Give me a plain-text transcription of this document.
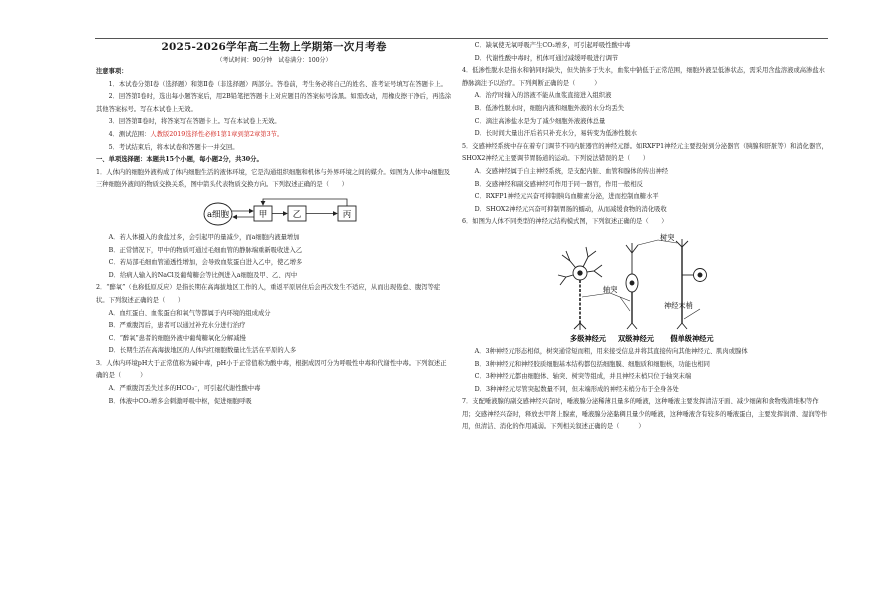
2025-2026学年高二生物上学期第一次月考卷

（考试时间：90分钟　试卷满分：100分）

注意事项：

1．本试卷分第Ⅰ卷（选择题）和第Ⅱ卷（非选择题）两部分。答卷前，考生务必将自己的姓名、准考证号填写在答题卡上。

2．回答第Ⅰ卷时，选出每小题答案后，用2B铅笔把答题卡上对应题目的答案标号涂黑。如需改动，用橡皮擦干净后，再选涂其他答案标号。写在本试卷上无效。

3．回答第Ⅱ卷时，将答案写在答题卡上。写在本试卷上无效。

4．测试范围：人教版2019选择性必修1第1章到第2章第3节。

5．考试结束后，将本试卷和答题卡一并交回。

一、单项选择题：本题共15个小题，每小题2分，共30分。

1．人体内的细胞外液构成了体内细胞生活的液体环境，它是沟通组织细胞和机体与外界环境之间的媒介。如图为人体中a细胞及三种细胞外液间的物质交换关系，图中箭头代表物质交换方向。下列叙述正确的是（　　）

a细胞	甲	乙	丙

A．若人体摄入的食盐过多，会引起甲的量减少，而a细胞内液量增加

B．正常情况下，甲中的物质可通过毛细血管的静脉端重新吸收进入乙

C．若局部毛细血管通透性增加，会导致血浆蛋白进入乙中，使乙增多

D．给病人输入的NaCl及葡萄糖会等比例进入a细胞及甲、乙、丙中

2．“醉氧”（也称低原反应）是指长期在高海拔地区工作的人，重返平原居住后会再次发生不适应，从而出现倦怠、腹泻等症状。下列叙述正确的是（　　）

A．血红蛋白、血浆蛋白和氧气等都属于内环境的组成成分

B．严重腹泻后，患者可以通过补充水分进行治疗

C．“醉氧”患者的细胞外液中葡萄糖氧化分解减慢

D．长期生活在高海拔地区的人体内红细胞数量比生活在平原的人多

3．人体内环境pH大于正常值称为碱中毒，pH小于正常值称为酸中毒，根据成因可分为呼吸性中毒和代谢性中毒。下列叙述正确的是（　　　）

A．严重腹泻丢失过多的HCO₃⁻，可引起代谢性酸中毒

B．体液中CO₂增多会刺激呼吸中枢，促进细胞呼吸

C．缺氧使无氧呼吸产生CO₂增多，可引起呼吸性酸中毒

D．代谢性酸中毒时，机体可通过减缓呼吸进行调节

4．低渗性脱水是指水和钠同时缺失，但失钠多于失水，血浆中钠低于正常范围，细胞外液呈低渗状态，需采用含盐溶液或高渗盐水静脉滴注予以治疗。下列判断正确的是（　　　）

A．治疗时输入的溶液不能从血浆直接进入组织液

B．低渗性脱水时，细胞内液和细胞外液的水分均丢失

C．滴注高渗盐水是为了减少细胞外液液体总量

D．长时间大量出汗后若只补充水分，易转变为低渗性脱水

5．交感神经系统中存在着专门调节不同内脏器官的神经元群。如RXFP1神经元主要投射到分泌器官（胰腺和肝脏等）和消化器官，SHOX2神经元主要调节胃肠道的运动。下列说法错误的是（　　）

A．交感神经属于自主神经系统，是支配内脏、血管和腺体的传出神经

B．交感神经和副交感神经可作用于同一器官，作用一般相反

C．RXFP1神经元兴奋可抑制胰岛血糖素分泌，进而控制血糖水平

D．SHOX2神经元兴奋可抑制胃肠的蠕动，从而减缓食物的消化吸收

6．如图为人体不同类型的神经元结构模式图，下列叙述正确的是（　　）

树突
轴突
神经末梢
多级神经元 双级神经元 假单级神经元

A．3种神经元形态相似，树突通常短而粗，用来接受信息并将其直接传向其他神经元、肌肉或腺体

B．3种神经元和神经胶质细胞基本结构都包括细胞膜、细胞质和细胞核，功能也相同

C．3种神经元都由细胞体、轴突、树突等组成，并且神经末梢只位于轴突末端

D．3种神经元尽管突起数量不同，但末端形成的神经末梢分布于全身各处

7．支配唾液腺的副交感神经兴奋时，唾液腺分泌稀薄且量多的唾液，这种唾液主要发挥清洁牙面、减少细菌和食物残渣堆积等作用；交感神经兴奋时，释放去甲肾上腺素，唾液腺分泌黏稠且量少的唾液，这种唾液含有较多的唾液蛋白，主要发挥润滑、湿润等作用，但清洁、消化的作用减弱。下列相关叙述正确的是（　　　）
